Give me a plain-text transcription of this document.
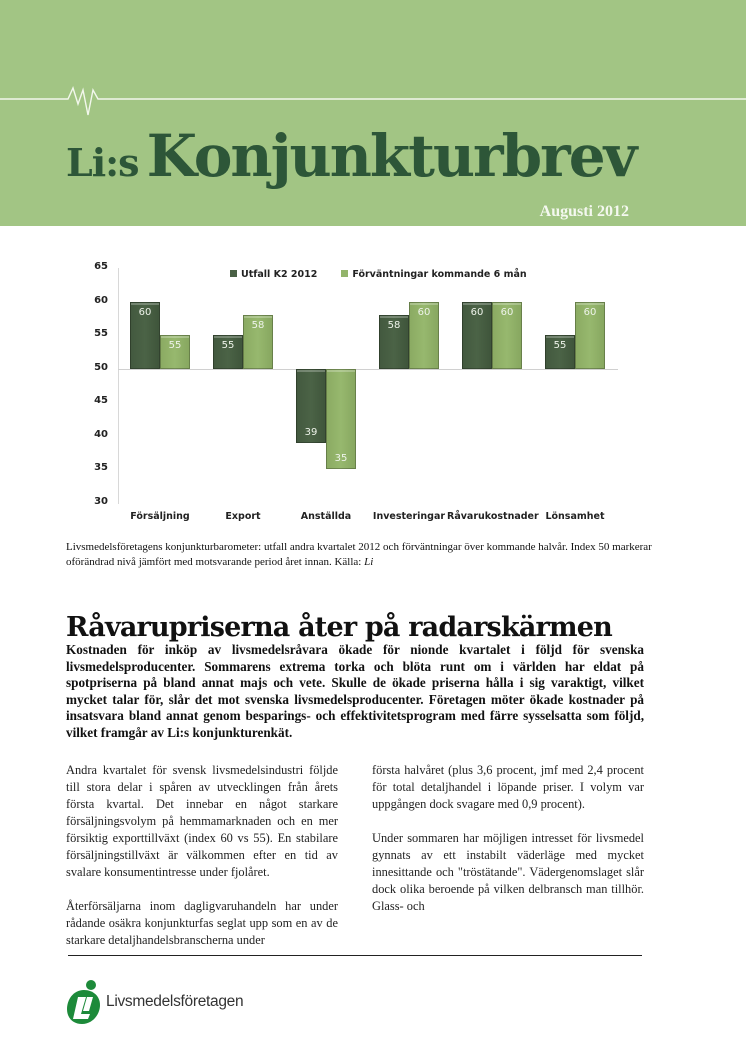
Li:s Konjunkturbrev
Augusti 2012
Utfall K2 2012	Förväntningar kommande 6 mån
65
60
55
50
45
40
35
30
60
55
Försäljning
55
58
Export
39
35
Anställda
58
60
Investeringar
60	60
Råvarukostnader
55
60
Lönsamhet
Livsmedelsföretagens konjunkturbarometer: utfall andra kvartalet 2012 och förväntningar över kommande halvår. Index 50 markerar oförändrad nivå jämfört med motsvarande period året innan. Källa: Li
Råvarupriserna åter på radarskärmen
Kostnaden för inköp av livsmedelsråvara ökade för nionde kvartalet i följd för svenska livsmedelsproducenter. Sommarens extrema torka och blöta runt om i världen har eldat på spotpriserna på bland annat majs och vete. Skulle de ökade priserna hålla i sig varaktigt, vilket mycket talar för, slår det mot svenska livsmedelsproducenter. Företagen möter ökade kostnader på insatsvara bland annat genom besparings- och effektivitetsprogram med färre sysselsatta som följd, vilket framgår av Li:s konjunkturenkät.

Andra kvartalet för svensk livsmedelsindustri följde till stora delar i spåren av utvecklingen från årets första kvartal. Det innebar en något starkare försäljningsvolym på hemmamarknaden och en mer försiktig exporttillväxt (index 60 vs 55). En stabilare försäljningstillväxt är välkommen efter en tid av svalare konsumentintresse under fjolåret.

Återförsäljarna inom dagligvaruhandeln har under rådande osäkra konjunkturfas seglat upp som en av de starkare detaljhandelsbranscherna under

första halvåret (plus 3,6 procent, jmf med 2,4 procent för total detaljhandel i löpande priser. I volym var uppgången dock svagare med 0,9 procent).

Under sommaren har möjligen intresset för livsmedel gynnats av ett instabilt väderläge med mycket innesittande och "tröstätande". Vädergenomslaget slår dock olika beroende på vilken delbransch man tillhör. Glass- och

Livsmedelsföretagen
